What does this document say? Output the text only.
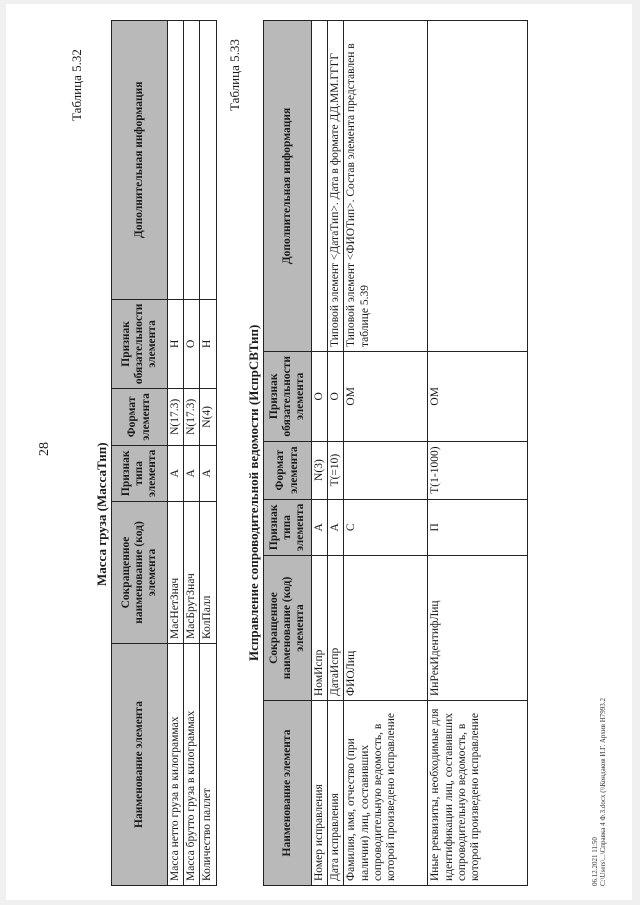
28
Таблица 5.32
Масса груза (МассаТип)
Наименование элемента	Сокращенное наименование (код) элемента	Признак типа элемента	Формат элемента	Признак обязательности элемента	Дополнительная информация
Масса нетто груза в килограммах	МасНетЗнач	А	N(17.3)	Н	
Масса брутто груза в килограммах	МасБрутЗнач	А	N(17.3)	О	
Количество паллет	КолПалл	А	N(4)	Н	
Таблица 5.33
Исправление сопроводительной ведомости (ИспрСВТип)
Наименование элемента	Сокращенное наименование (код) элемента	Признак типа элемента	Формат элемента	Признак обязательности элемента	Дополнительная информация
Номер исправления	НомИспр	А	N(3)	О	
Дата исправления	ДатаИспр	А	T(=10)	О	Типовой элемент <ДатаТип>. Дата в формате ДД.ММ.ГГГГ
Фамилия, имя, отчество (при наличии) лиц, составивших сопроводительную ведомость, в которой произведено исправление	ФИОЛиц	С		ОМ	Типовой элемент <ФИОТип>. Состав элемента представлен в таблице 5.39
Иные реквизиты, необходимые для идентификации лиц, составивших сопроводительную ведомость, в которой произведено исправление	ИнРекИдентифЛиц	П	T(1-1000)	ОМ	
06.12.2021 11:50 С:\Users\...\Справка 4 Ф.З.docx (\\Кондаков И.Г. Архив Н7993.2
